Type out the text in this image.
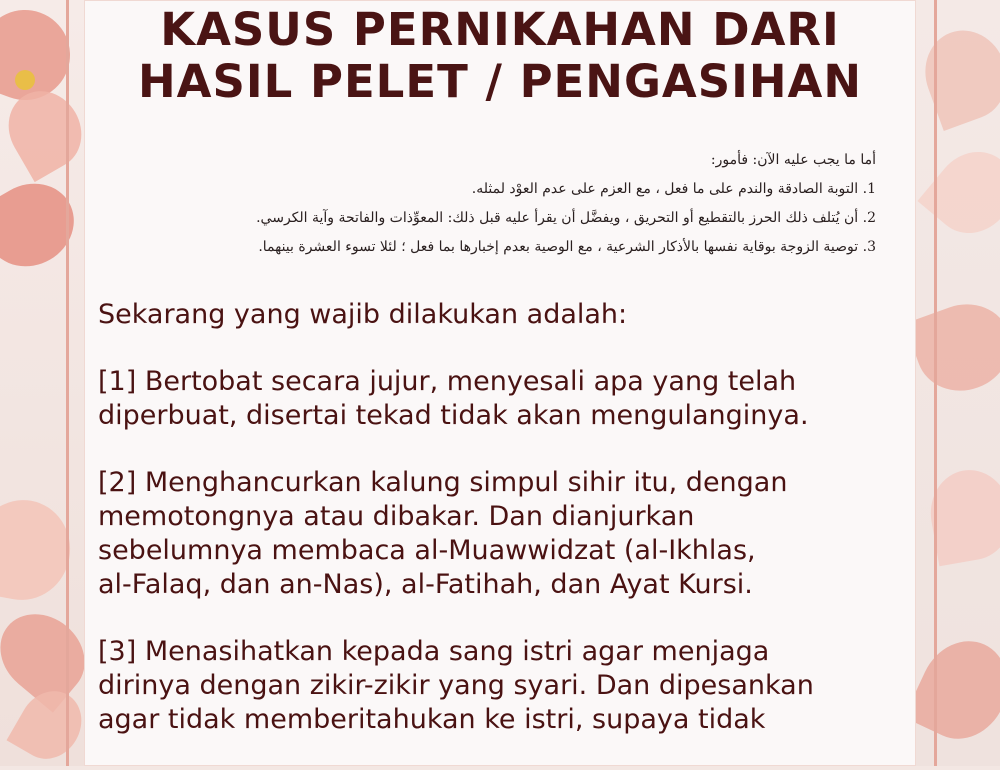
KASUS PERNIKAHAN DARI
HASIL PELET / PENGASIHAN
أما ما يجب عليه الآن: فأمور:
1. التوبة الصادقة والندم على ما فعل ، مع العزم على عدم العوْد لمثله.
2. أن يُتلف ذلك الحرز بالتقطيع أو التحريق ، ويفضَّل أن يقرأ عليه قبل ذلك: المعوِّذات والفاتحة وآية الكرسي.
3. توصية الزوجة بوقاية نفسها بالأذكار الشرعية ، مع الوصية بعدم إخبارها بما فعل ؛ لئلا تسوء العشرة بينهما.
Sekarang yang wajib dilakukan adalah:
[1] Bertobat secara jujur, menyesali apa yang telah
diperbuat, disertai tekad tidak akan mengulanginya.
[2] Menghancurkan kalung simpul sihir itu, dengan
memotongnya atau dibakar. Dan dianjurkan
sebelumnya membaca al-Muawwidzat (al-Ikhlas,
al-Falaq, dan an-Nas), al-Fatihah, dan Ayat Kursi.
[3] Menasihatkan kepada sang istri agar menjaga
dirinya dengan zikir-zikir yang syari. Dan dipesankan
agar tidak memberitahukan ke istri, supaya tidak
